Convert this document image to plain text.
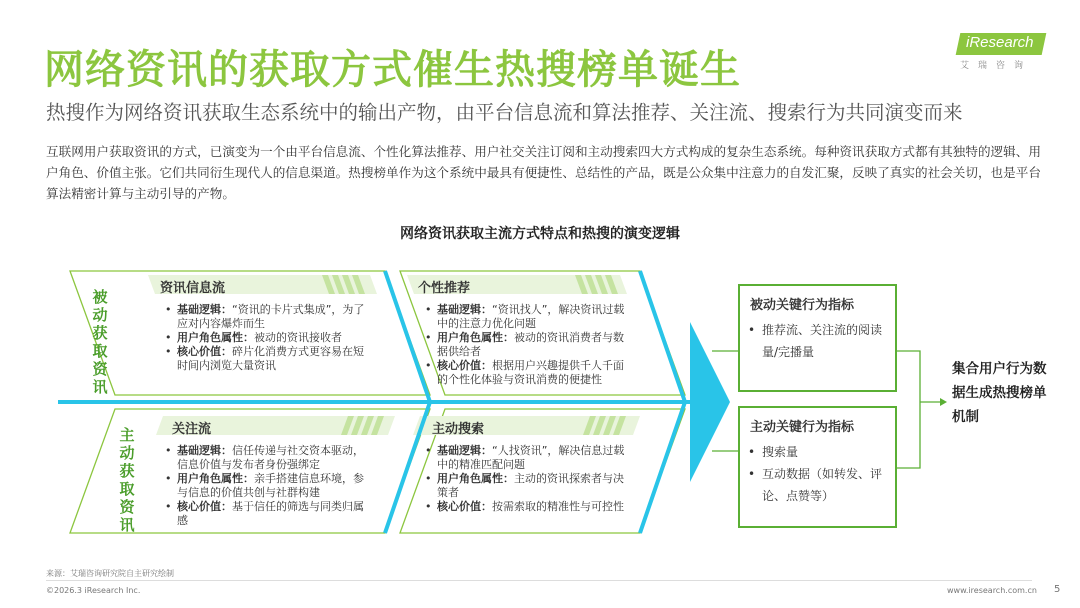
网络资讯的获取方式催生热搜榜单诞生
热搜作为网络资讯获取生态系统中的输出产物，由平台信息流和算法推荐、关注流、搜索行为共同演变而来
iResearch
艾瑞咨询
互联网用户获取资讯的方式，已演变为一个由平台信息流、个性化算法推荐、用户社交关注订阅和主动搜索四大方式构成的复杂生态系统。每种资讯获取方式都有其独特的逻辑、用户角色、价值主张。它们共同衍生现代人的信息渠道。热搜榜单作为这个系统中最具有便捷性、总结性的产品，既是公众集中注意力的自发汇聚，反映了真实的社会关切，也是平台算法精密计算与主动引导的产物。
网络资讯获取主流方式特点和热搜的演变逻辑
被动获取资讯
主动获取资讯
资讯信息流
• 基础逻辑：“资讯的卡片式集成”，为了应对内容爆炸而生
• 用户角色属性：被动的资讯接收者
• 核心价值：碎片化消费方式更容易在短时间内浏览大量资讯
个性推荐
• 基础逻辑：“资讯找人”，解决资讯过载中的注意力优化问题
• 用户角色属性：被动的资讯消费者与数据供给者
• 核心价值：根据用户兴趣提供千人千面的个性化体验与资讯消费的便捷性
关注流
• 基础逻辑：信任传递与社交资本驱动，信息价值与发布者身份强绑定
• 用户角色属性：亲手搭建信息环境，参与信息的价值共创与社群构建
• 核心价值：基于信任的筛选与同类归属感
主动搜索
• 基础逻辑：“人找资讯”，解决信息过载中的精准匹配问题
• 用户角色属性：主动的资讯探索者与决策者
• 核心价值：按需索取的精准性与可控性
被动关键行为指标
• 推荐流、关注流的阅读量/完播量
主动关键行为指标
• 搜索量
• 互动数据（如转发、评论、点赞等）
集合用户行为数据生成热搜榜单机制
来源：艾瑞咨询研究院自主研究绘制
©2026.3 iResearch Inc.	www.iresearch.com.cn 5
